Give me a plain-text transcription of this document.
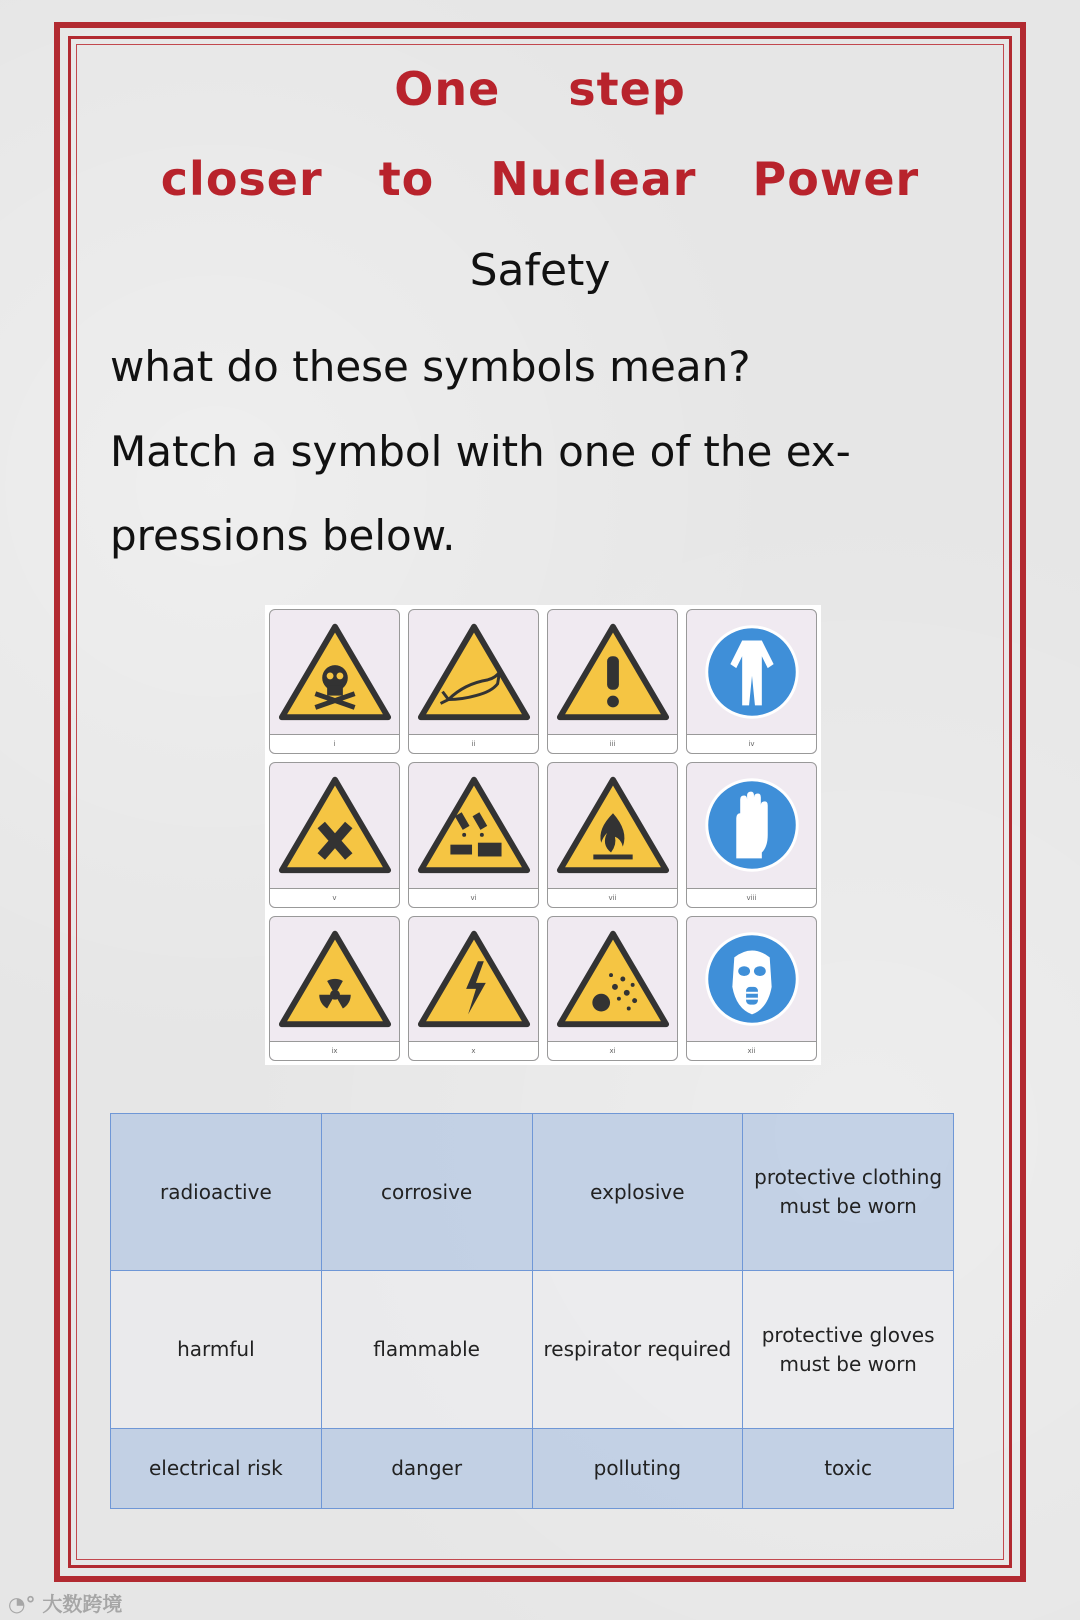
One step
closer to Nuclear Power
Safety
what do these symbols mean?
Match a symbol with one of the ex-
pressions below.
i	ii	iii	iv
v	vi	vii	viii
ix	x	xi	xii
radioactive	corrosive	explosive	protective clothing must be worn
harmful	flammable	respirator required	protective gloves must be worn
electrical risk	danger	polluting	toxic
◔° 大数跨境
